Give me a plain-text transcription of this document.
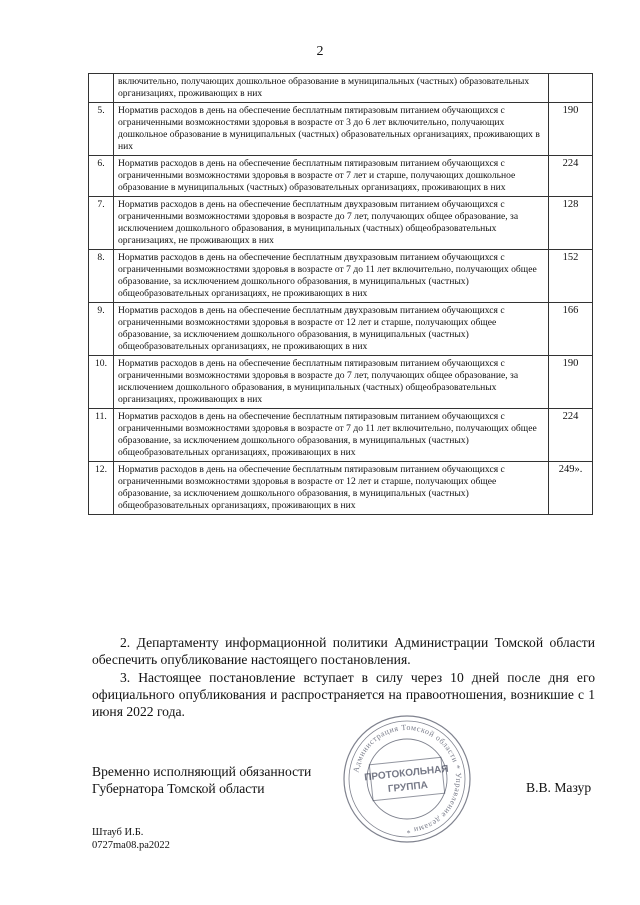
2
	включительно, получающих дошкольное образование в муниципальных (частных) образовательных организациях, проживающих в них	
5.	Норматив расходов в день на обеспечение бесплатным пятиразовым питанием обучающихся с ограниченными возможностями здоровья в возрасте от 3 до 6 лет включительно, получающих дошкольное образование в муниципальных (частных) образовательных организациях, проживающих в них	190
6.	Норматив расходов в день на обеспечение бесплатным пятиразовым питанием обучающихся с ограниченными возможностями здоровья в возрасте от 7 лет и старше, получающих дошкольное образование в муниципальных (частных) образовательных организациях, проживающих в них	224
7.	Норматив расходов в день на обеспечение бесплатным двухразовым питанием обучающихся с ограниченными возможностями здоровья в возрасте до 7 лет, получающих общее образование, за исключением дошкольного образования, в муниципальных (частных) общеобразовательных организациях, не проживающих в них	128
8.	Норматив расходов в день на обеспечение бесплатным двухразовым питанием обучающихся с ограниченными возможностями здоровья в возрасте от 7 до 11 лет включительно, получающих общее образование, за исключением дошкольного образования, в муниципальных (частных) общеобразовательных организациях, не проживающих в них	152
9.	Норматив расходов в день на обеспечение бесплатным двухразовым питанием обучающихся с ограниченными возможностями здоровья в возрасте от 12 лет и старше, получающих общее образование, за исключением дошкольного образования, в муниципальных (частных) общеобразовательных организациях, не проживающих в них	166
10.	Норматив расходов в день на обеспечение бесплатным пятиразовым питанием обучающихся с ограниченными возможностями здоровья в возрасте до 7 лет, получающих общее образование, за исключением дошкольного образования, в муниципальных (частных) общеобразовательных организациях, проживающих в них	190
11.	Норматив расходов в день на обеспечение бесплатным пятиразовым питанием обучающихся с ограниченными возможностями здоровья в возрасте от 7 до 11 лет включительно, получающих общее образование, за исключением дошкольного образования, в муниципальных (частных) общеобразовательных организациях, проживающих в них	224
12.	Норматив расходов в день на обеспечение бесплатным пятиразовым питанием обучающихся с ограниченными возможностями здоровья в возрасте от 12 лет и старше, получающих общее образование, за исключением дошкольного образования, в муниципальных (частных) общеобразовательных организациях, проживающих в них	249».

2. Департаменту информационной политики Администрации Томской области обеспечить опубликование настоящего постановления.

3. Настоящее постановление вступает в силу через 10 дней после дня его официального опубликования и распространяется на правоотношения, возникшие с 1 июня 2022 года.

Временно исполняющий обязанности
Губернатора Томской области
Администрация Томской области * Управление делами *
ПРОТОКОЛЬНАЯ
ГРУППА	В.В. Мазур
Штауб И.Б.
0727ma08.pa2022
